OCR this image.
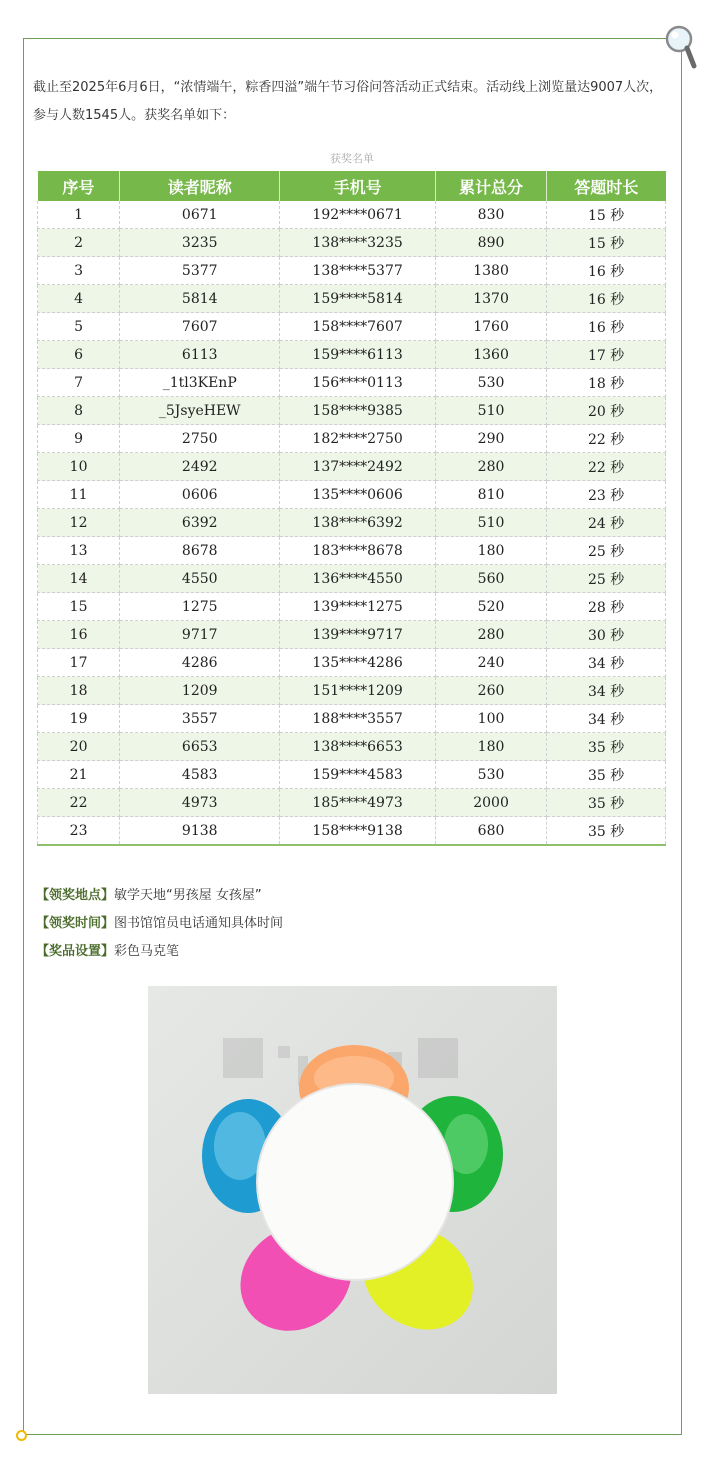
截止至2025年6月6日，“浓情端午，粽香四溢”端午节习俗问答活动正式结束。活动线上浏览量达9007人次，参与人数1545人。获奖名单如下：
获奖名单
序号	读者昵称	手机号	累计总分	答题时长
1	0671	192****0671	830	15 秒
2	3235	138****3235	890	15 秒
3	5377	138****5377	1380	16 秒
4	5814	159****5814	1370	16 秒
5	7607	158****7607	1760	16 秒
6	6113	159****6113	1360	17 秒
7	_1tl3KEnP	156****0113	530	18 秒
8	_5JsyeHEW	158****9385	510	20 秒
9	2750	182****2750	290	22 秒
10	2492	137****2492	280	22 秒
11	0606	135****0606	810	23 秒
12	6392	138****6392	510	24 秒
13	8678	183****8678	180	25 秒
14	4550	136****4550	560	25 秒
15	1275	139****1275	520	28 秒
16	9717	139****9717	280	30 秒
17	4286	135****4286	240	34 秒
18	1209	151****1209	260	34 秒
19	3557	188****3557	100	34 秒
20	6653	138****6653	180	35 秒
21	4583	159****4583	530	35 秒
22	4973	185****4973	2000	35 秒
23	9138	158****9138	680	35 秒
【领奖地点】敏学天地“男孩屋 女孩屋”
【领奖时间】图书馆馆员电话通知具体时间
【奖品设置】彩色马克笔
